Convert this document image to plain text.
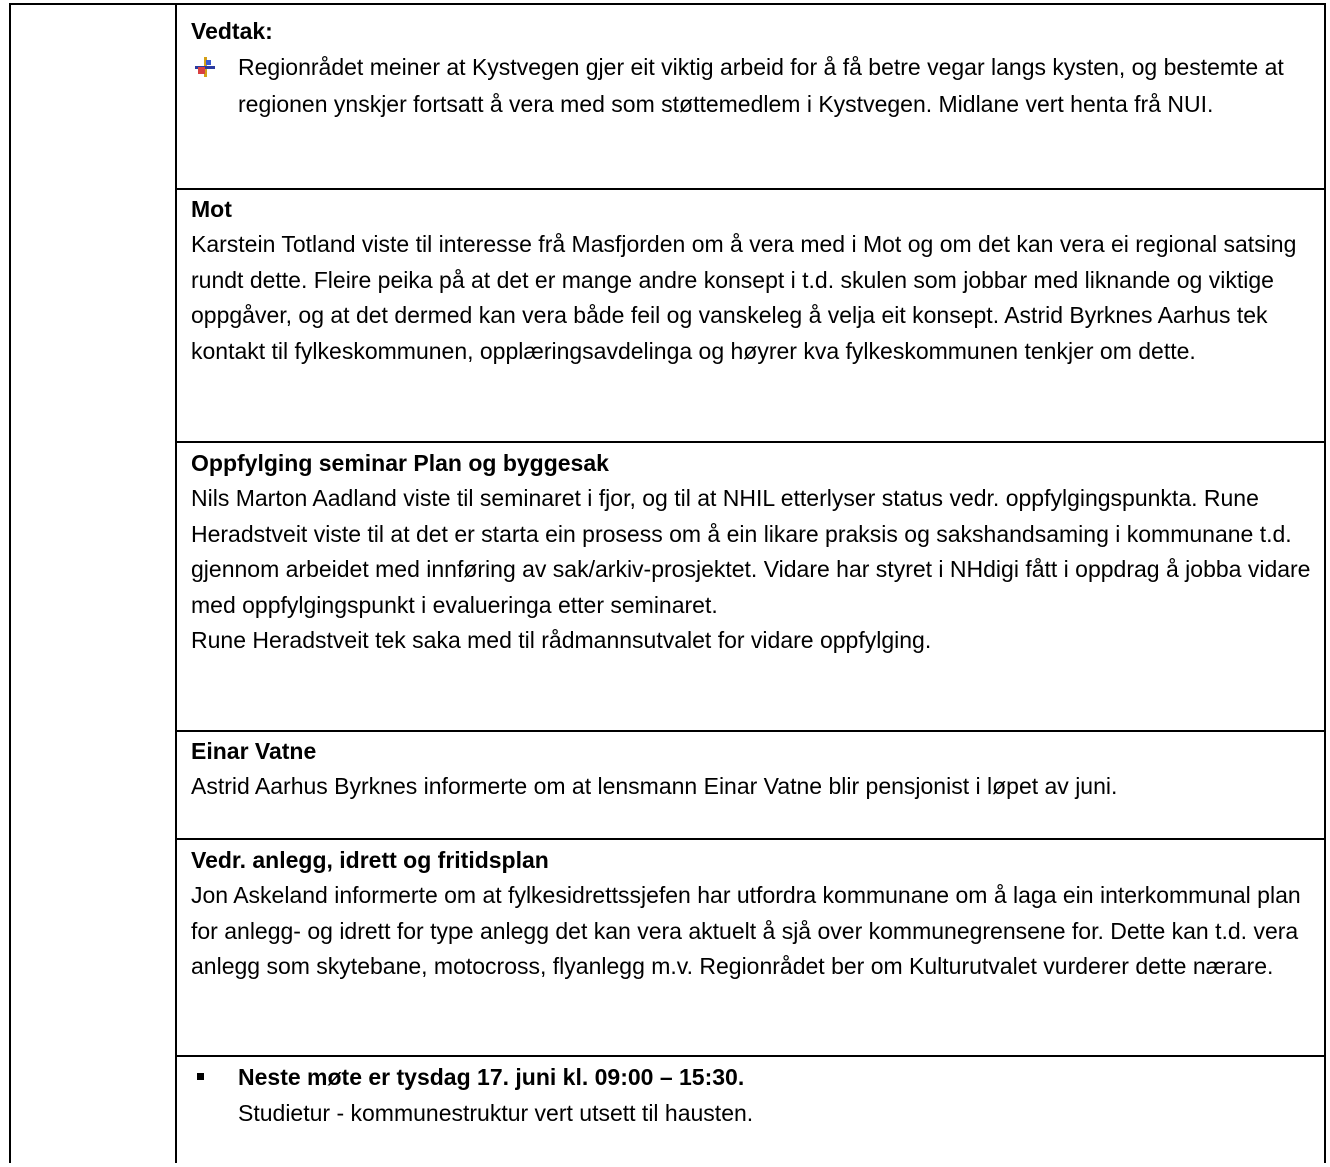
Vedtak:

Regionrådet meiner at Kystvegen gjer eit viktig arbeid for å få betre vegar langs kysten, og bestemte at regionen ynskjer fortsatt å vera med som støttemedlem i Kystvegen. Midlane vert henta frå NUI.

Mot

Karstein Totland viste til interesse frå Masfjorden om å vera med i Mot og om det kan vera ei regional satsing rundt dette. Fleire peika på at det er mange andre konsept i t.d. skulen som jobbar med liknande og viktige oppgåver, og at det dermed kan vera både feil og vanskeleg å velja eit konsept. Astrid Byrknes Aarhus tek kontakt til fylkeskommunen, opplæringsavdelinga og høyrer kva fylkeskommunen tenkjer om dette.

Oppfylging seminar Plan og byggesak

Nils Marton Aadland viste til seminaret i fjor, og til at NHIL etterlyser status vedr. oppfylgingspunkta. Rune Heradstveit viste til at det er starta ein prosess om å ein likare praksis og sakshandsaming i kommunane t.d. gjennom arbeidet med innføring av sak/arkiv-prosjektet. Vidare har styret i NHdigi fått i oppdrag å jobba vidare med oppfylgingspunkt i evalueringa etter seminaret.

Rune Heradstveit tek saka med til rådmannsutvalet for vidare oppfylging.

Einar Vatne

Astrid Aarhus Byrknes informerte om at lensmann Einar Vatne blir pensjonist i løpet av juni.

Vedr. anlegg, idrett og fritidsplan

Jon Askeland informerte om at fylkesidrettssjefen har utfordra kommunane om å laga ein interkommunal plan for anlegg- og idrett for type anlegg det kan vera aktuelt å sjå over kommunegrensene for. Dette kan t.d. vera anlegg som skytebane, motocross, flyanlegg m.v. Regionrådet ber om Kulturutvalet vurderer dette nærare.

Neste møte er tysdag 17. juni kl. 09:00 – 15:30.

Studietur - kommunestruktur vert utsett til hausten.
